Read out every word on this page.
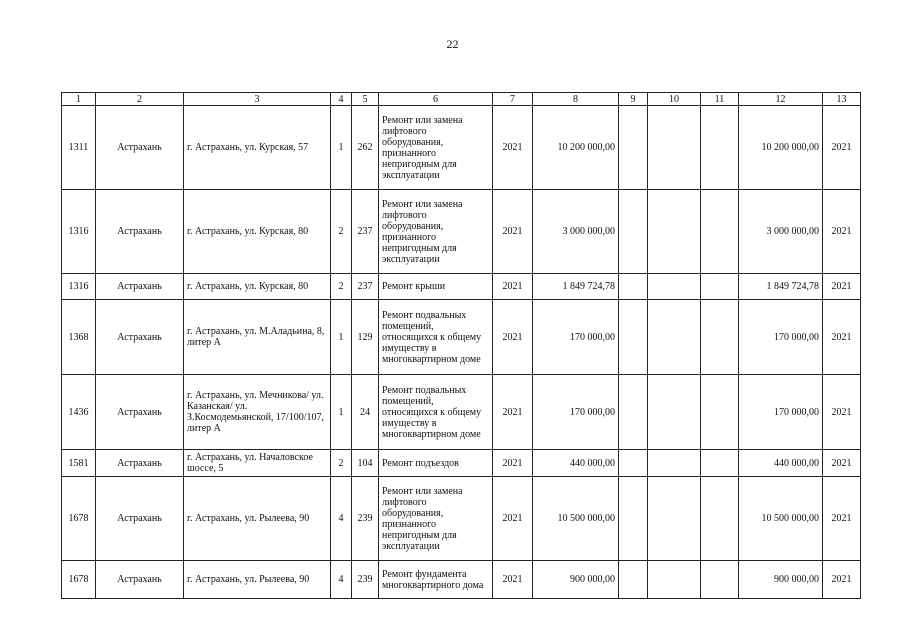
22
1	2	3	4	5	6	7	8	9	10	11	12	13
1311	Астрахань	г. Астрахань, ул. Курская, 57	1	262	Ремонт или замена лифтового оборудования, признанного непригодным для эксплуатации	2021	10 200 000,00				10 200 000,00	2021
1316	Астрахань	г. Астрахань, ул. Курская, 80	2	237	Ремонт или замена лифтового оборудования, признанного непригодным для эксплуатации	2021	3 000 000,00				3 000 000,00	2021
1316	Астрахань	г. Астрахань, ул. Курская, 80	2	237	Ремонт крыши	2021	1 849 724,78				1 849 724,78	2021
1368	Астрахань	г. Астрахань, ул. М.Аладьина, 8, литер А	1	129	Ремонт подвальных помещений, относящихся к общему имуществу в многоквартирном доме	2021	170 000,00				170 000,00	2021
1436	Астрахань	г. Астрахань, ул. Мечникова/ ул. Казанская/ ул. З.Космодемьянской, 17/100/107, литер А	1	24	Ремонт подвальных помещений, относящихся к общему имуществу в многоквартирном доме	2021	170 000,00				170 000,00	2021
1581	Астрахань	г. Астрахань, ул. Началовское шоссе, 5	2	104	Ремонт подъездов	2021	440 000,00				440 000,00	2021
1678	Астрахань	г. Астрахань, ул. Рылеева, 90	4	239	Ремонт или замена лифтового оборудования, признанного непригодным для эксплуатации	2021	10 500 000,00				10 500 000,00	2021
1678	Астрахань	г. Астрахань, ул. Рылеева, 90	4	239	Ремонт фундамента многоквартирного дома	2021	900 000,00				900 000,00	2021
